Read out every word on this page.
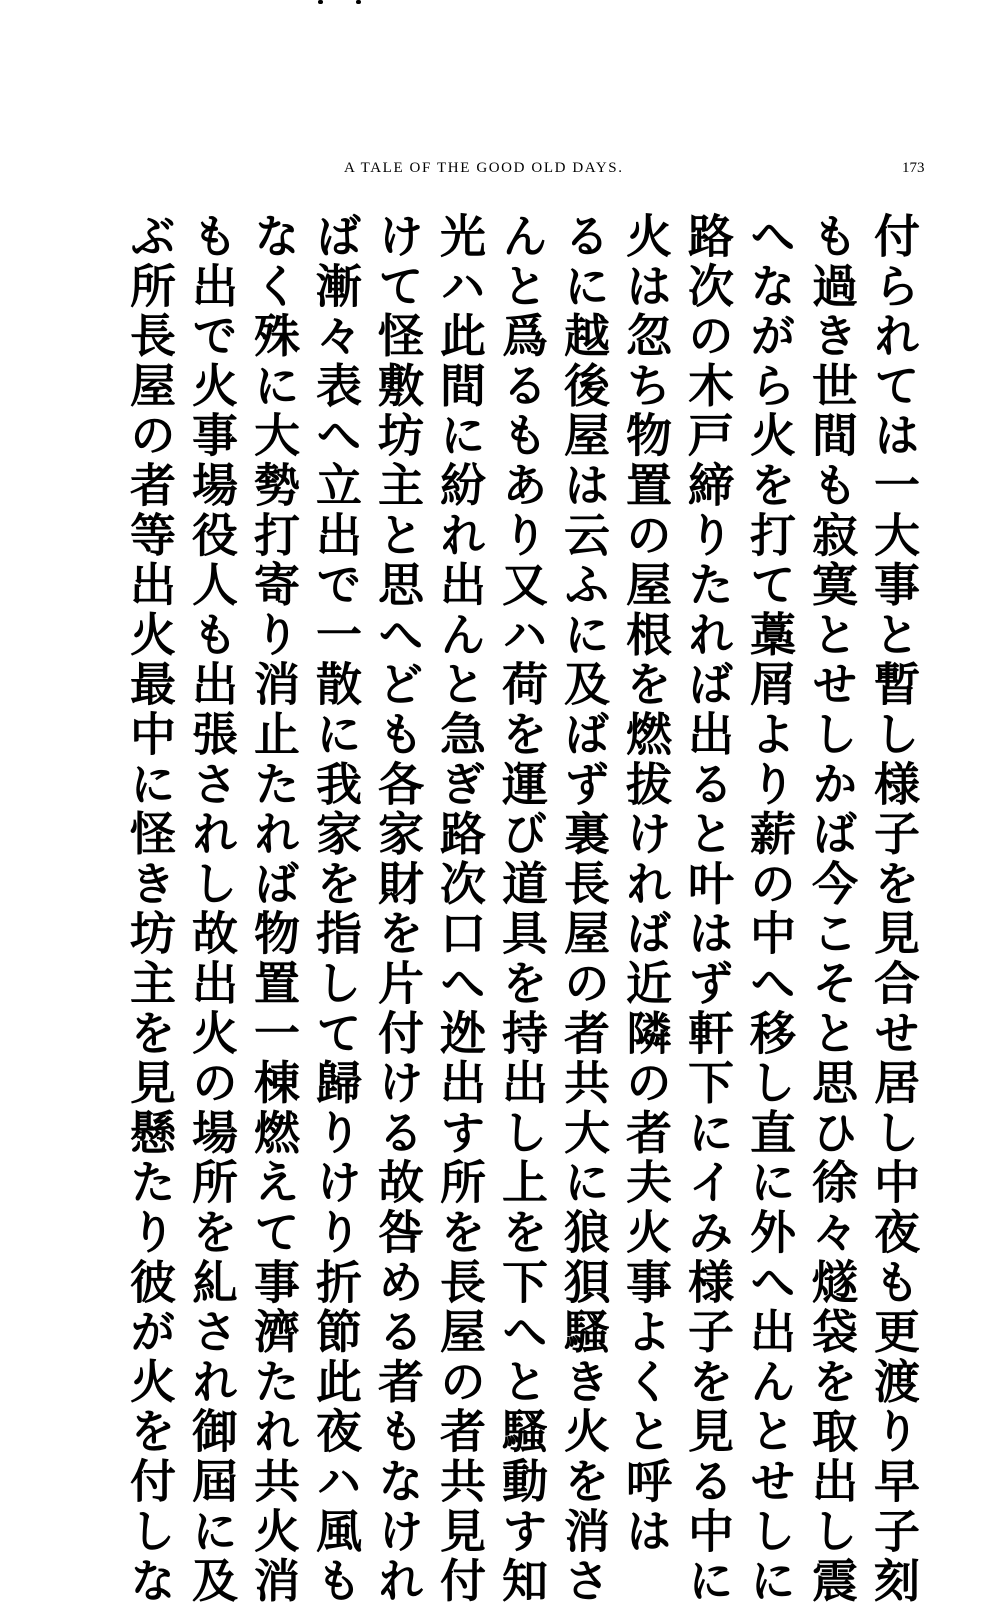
A TALE OF THE GOOD OLD DAYS.	173
付られては一大事と暫し様子を見合せ居し中夜も更渡り早子刻
も過き世間も寂寞とせしかば今こそと思ひ徐々燧袋を取出し震
へながら火を打て藁屑より薪の中へ移し直に外へ出んとせしに
路次の木戸締りたれば出ると叶はず軒下にイみ様子を見る中に
火は忽ち物置の屋根を燃拔ければ近隣の者夫火事よくと呼は
るに越後屋は云ふに及ばず裏長屋の者共大に狼狽騷き火を消さ
んと爲るもあり又ハ荷を運び道具を持出し上を下へと騷動す知
光ハ此間に紛れ出んと急ぎ路次口へ迯出す所を長屋の者共見付
けて怪敷坊主と思へども各家財を片付ける故咎める者もなけれ
ば漸々表へ立出で一散に我家を指して歸りけり折節此夜ハ風も
なく殊に大勢打寄り消止たれば物置一棟燃えて事濟たれ共火消
も出で火事場役人も出張されし故出火の場所を糺され御屆に及
ぶ所長屋の者等出火最中に怪き坊主を見懸たり彼が火を付しな
